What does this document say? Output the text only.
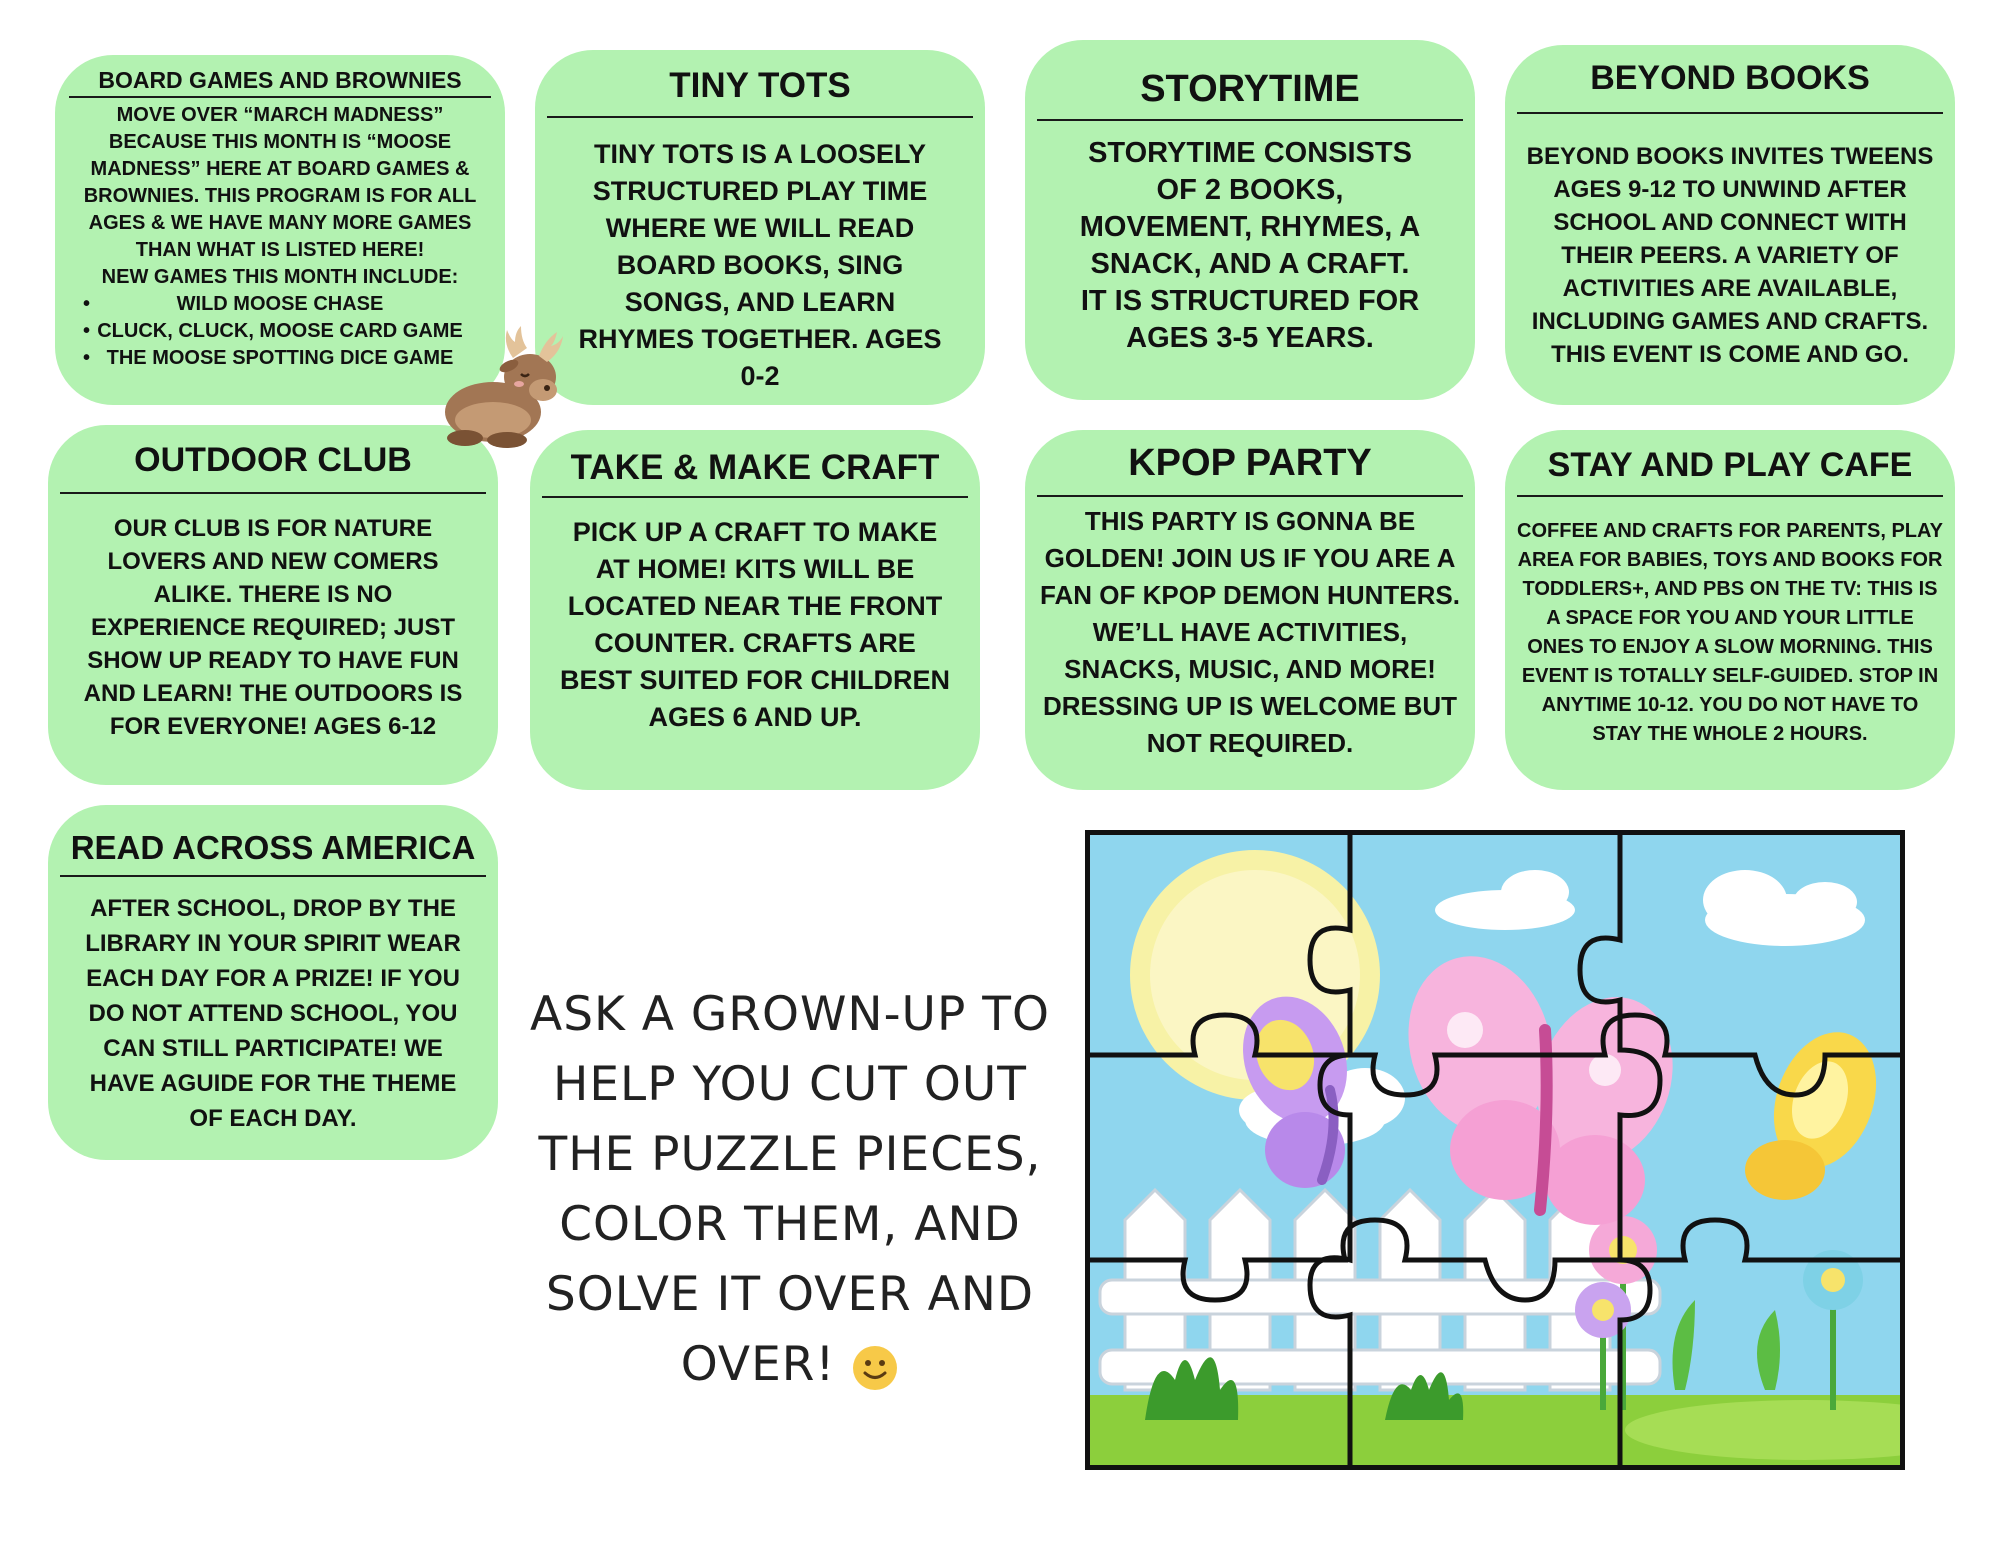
BOARD GAMES AND BROWNIES
MOVE OVER “MARCH MADNESS” BECAUSE THIS MONTH IS “MOOSE MADNESS” HERE AT BOARD GAMES & BROWNIES. THIS PROGRAM IS FOR ALL AGES & WE HAVE MANY MORE GAMES THAN WHAT IS LISTED HERE!
NEW GAMES THIS MONTH INCLUDE:
• WILD MOOSE CHASE
• CLUCK, CLUCK, MOOSE CARD GAME
• THE MOOSE SPOTTING DICE GAME
TINY TOTS
TINY TOTS IS A LOOSELY STRUCTURED PLAY TIME WHERE WE WILL READ BOARD BOOKS, SING SONGS, AND LEARN RHYMES TOGETHER. AGES 0-2
STORYTIME
STORYTIME CONSISTS OF 2 BOOKS, MOVEMENT, RHYMES, A SNACK, AND A CRAFT. IT IS STRUCTURED FOR AGES 3-5 YEARS.
BEYOND BOOKS
BEYOND BOOKS INVITES TWEENS AGES 9-12 TO UNWIND AFTER SCHOOL AND CONNECT WITH THEIR PEERS. A VARIETY OF ACTIVITIES ARE AVAILABLE, INCLUDING GAMES AND CRAFTS. THIS EVENT IS COME AND GO.
OUTDOOR CLUB
OUR CLUB IS FOR NATURE LOVERS AND NEW COMERS ALIKE. THERE IS NO EXPERIENCE REQUIRED; JUST SHOW UP READY TO HAVE FUN AND LEARN! THE OUTDOORS IS FOR EVERYONE! AGES 6-12
TAKE & MAKE CRAFT
PICK UP A CRAFT TO MAKE AT HOME! KITS WILL BE LOCATED NEAR THE FRONT COUNTER. CRAFTS ARE BEST SUITED FOR CHILDREN AGES 6 AND UP.
KPOP PARTY
THIS PARTY IS GONNA BE GOLDEN! JOIN US IF YOU ARE A FAN OF KPOP DEMON HUNTERS. WE’LL HAVE ACTIVITIES, SNACKS, MUSIC, AND MORE! DRESSING UP IS WELCOME BUT NOT REQUIRED.
STAY AND PLAY CAFE
COFFEE AND CRAFTS FOR PARENTS, PLAY AREA FOR BABIES, TOYS AND BOOKS FOR TODDLERS+, AND PBS ON THE TV: THIS IS A SPACE FOR YOU AND YOUR LITTLE ONES TO ENJOY A SLOW MORNING. THIS EVENT IS TOTALLY SELF-GUIDED. STOP IN ANYTIME 10-12. YOU DO NOT HAVE TO STAY THE WHOLE 2 HOURS.
READ ACROSS AMERICA
AFTER SCHOOL, DROP BY THE LIBRARY IN YOUR SPIRIT WEAR EACH DAY FOR A PRIZE! IF YOU DO NOT ATTEND SCHOOL, YOU CAN STILL PARTICIPATE! WE HAVE AGUIDE FOR THE THEME OF EACH DAY.
ASK A GROWN-UP TO HELP YOU CUT OUT THE PUZZLE PIECES, COLOR THEM, AND SOLVE IT OVER AND OVER!
